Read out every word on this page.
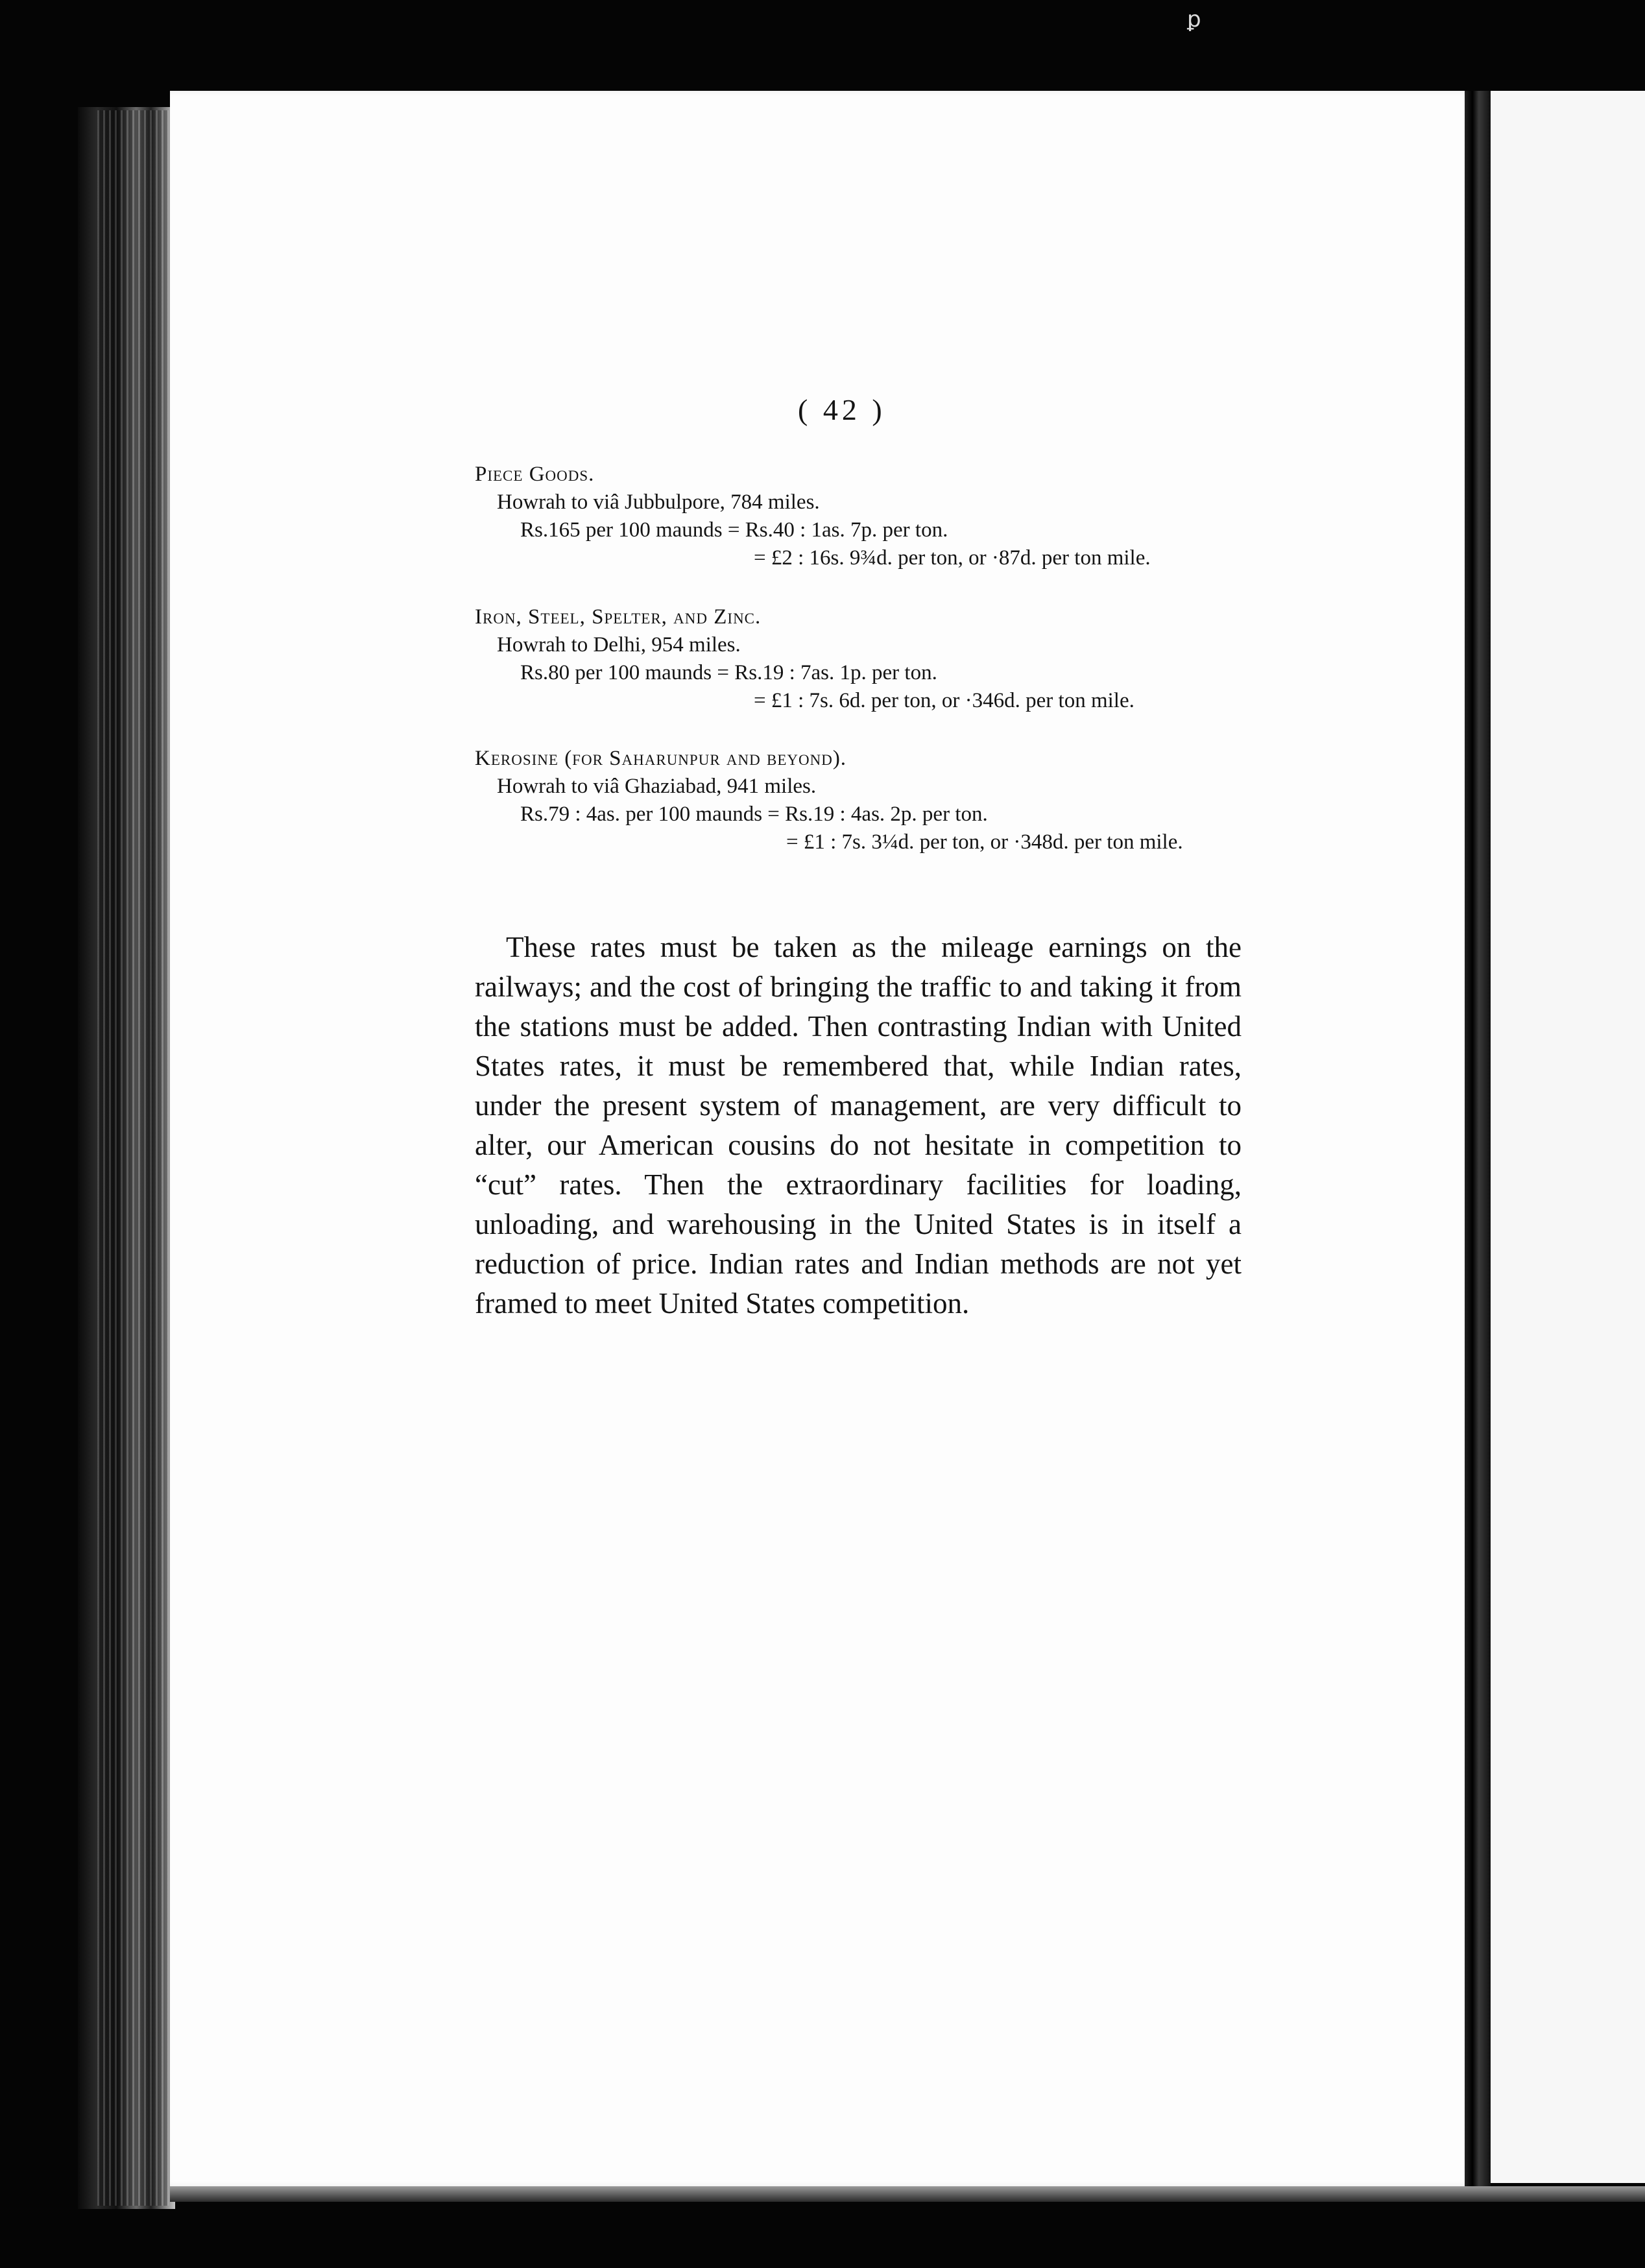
ꝑ
( 42 )
Piece Goods.
Howrah to viâ Jubbulpore, 784 miles.
Rs.165 per 100 maunds = Rs.40 : 1as. 7p. per ton.
= £2 : 16s. 9¾d. per ton, or ·87d. per ton mile.
Iron, Steel, Spelter, and Zinc.
Howrah to Delhi, 954 miles.
Rs.80 per 100 maunds = Rs.19 : 7as. 1p. per ton.
= £1 : 7s. 6d. per ton, or ·346d. per ton mile.
Kerosine (for Saharunpur and beyond).
Howrah to viâ Ghaziabad, 941 miles.
Rs.79 : 4as. per 100 maunds = Rs.19 : 4as. 2p. per ton.
= £1 : 7s. 3¼d. per ton, or ·348d. per ton mile.

These rates must be taken as the mileage earnings on the railways; and the cost of bringing the traffic to and taking it from the stations must be added. Then contrasting Indian with United States rates, it must be remembered that, while Indian rates, under the present system of management, are very difficult to alter, our American cousins do not hesitate in competition to “cut” rates. Then the extraordinary facilities for loading, unloading, and warehousing in the United States is in itself a reduction of price. Indian rates and Indian methods are not yet framed to meet United States competition.
